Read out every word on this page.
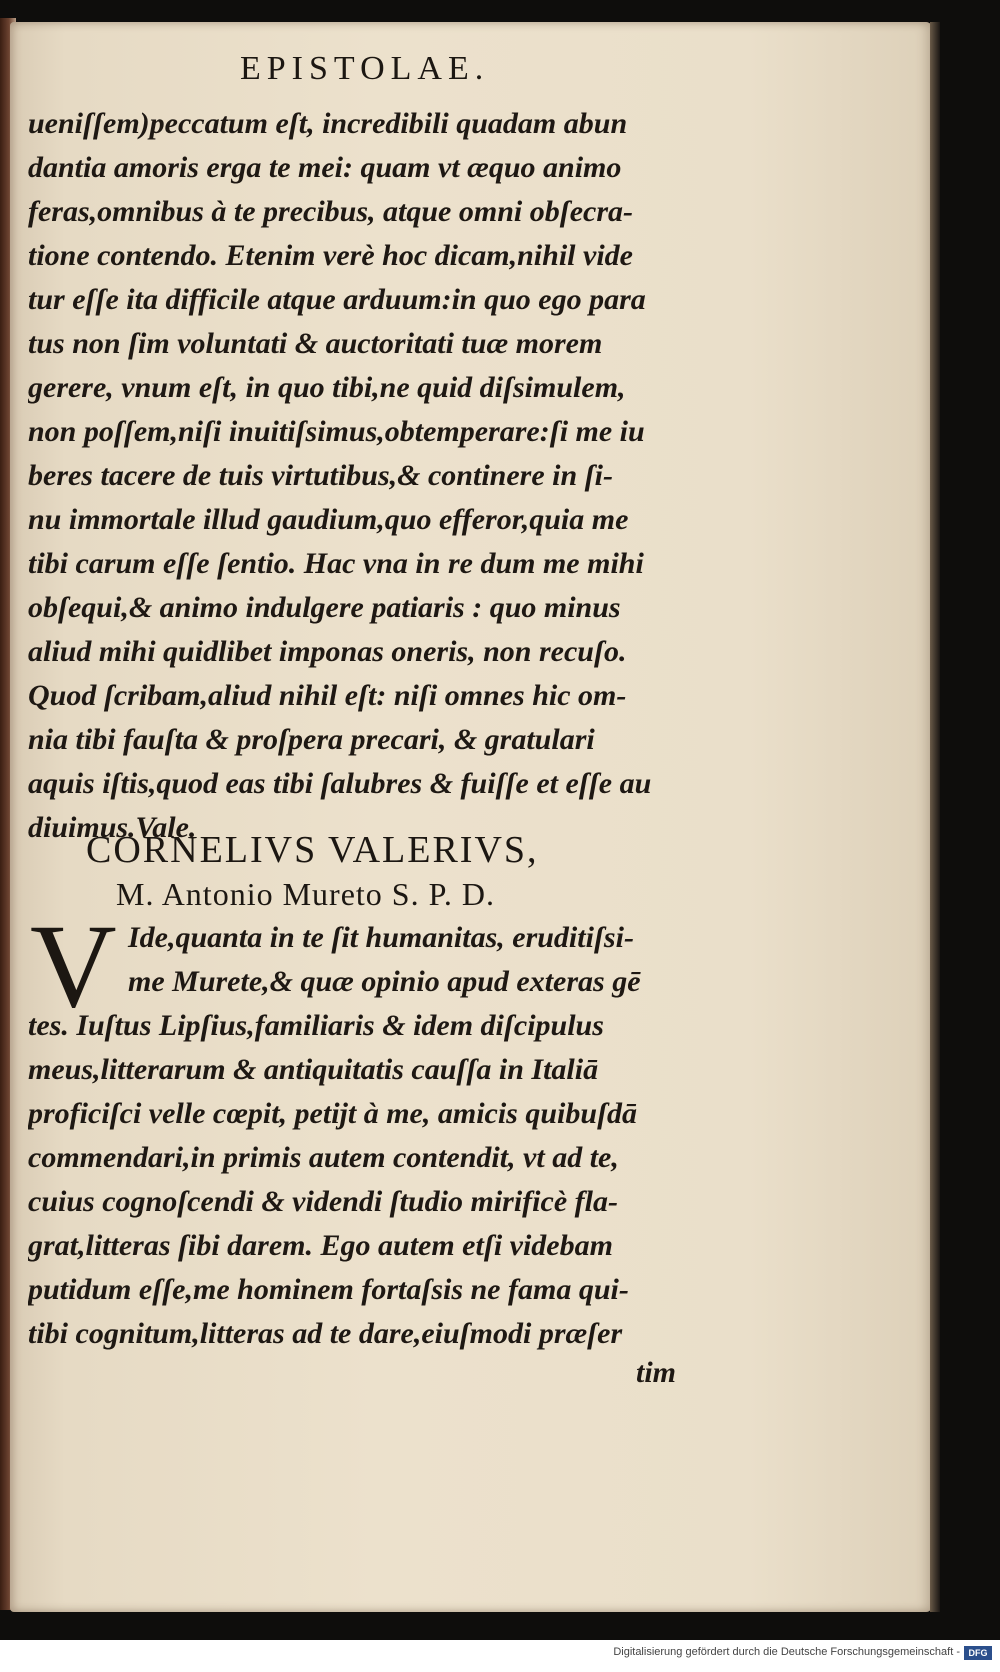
EPISTOLAE.
ueniſſem)peccatum eſt, incredibili quadam abun
dantia amoris erga te mei: quam vt æquo animo
feras,omnibus à te precibus, atque omni obſecra-
tione contendo. Etenim verè hoc dicam,nihil vide
tur eſſe ita difficile atque arduum:in quo ego para
tus non ſim voluntati & auctoritati tuæ morem
gerere, vnum eſt, in quo tibi,ne quid diſsimulem,
non poſſem,niſi inuitiſsimus,obtemperare:ſi me iu
beres tacere de tuis virtutibus,& continere in ſi-
nu immortale illud gaudium,quo efferor,quia me
tibi carum eſſe ſentio. Hac vna in re dum me mihi
obſequi,& animo indulgere patiaris : quo minus
aliud mihi quidlibet imponas oneris, non recuſo.
Quod ſcribam,aliud nihil eſt: niſi omnes hic om-
nia tibi fauſta & proſpera precari, & gratulari
aquis iſtis,quod eas tibi ſalubres & fuiſſe et eſſe au
diuimus.Vale.
CORNELIVS VALERIVS,
M. Antonio Mureto S. P. D.
V Ide,quanta in te ſit humanitas, eruditiſsi-
me Murete,& quæ opinio apud exteras gē
tes. Iuſtus Lipſius,familiaris & idem diſcipulus
meus,litterarum & antiquitatis cauſſa in Italiā
proficiſci velle cœpit, petijt à me, amicis quibuſdā
commendari,in primis autem contendit, vt ad te,
cuius cognoſcendi & videndi ſtudio mirificè fla-
grat,litteras ſibi darem. Ego autem etſi videbam
putidum eſſe,me hominem fortaſsis ne fama qui-
tibi cognitum,litteras ad te dare,eiuſmodi præſer
tim
Digitalisierung gefördert durch die Deutsche Forschungsgemeinschaft - DFG
